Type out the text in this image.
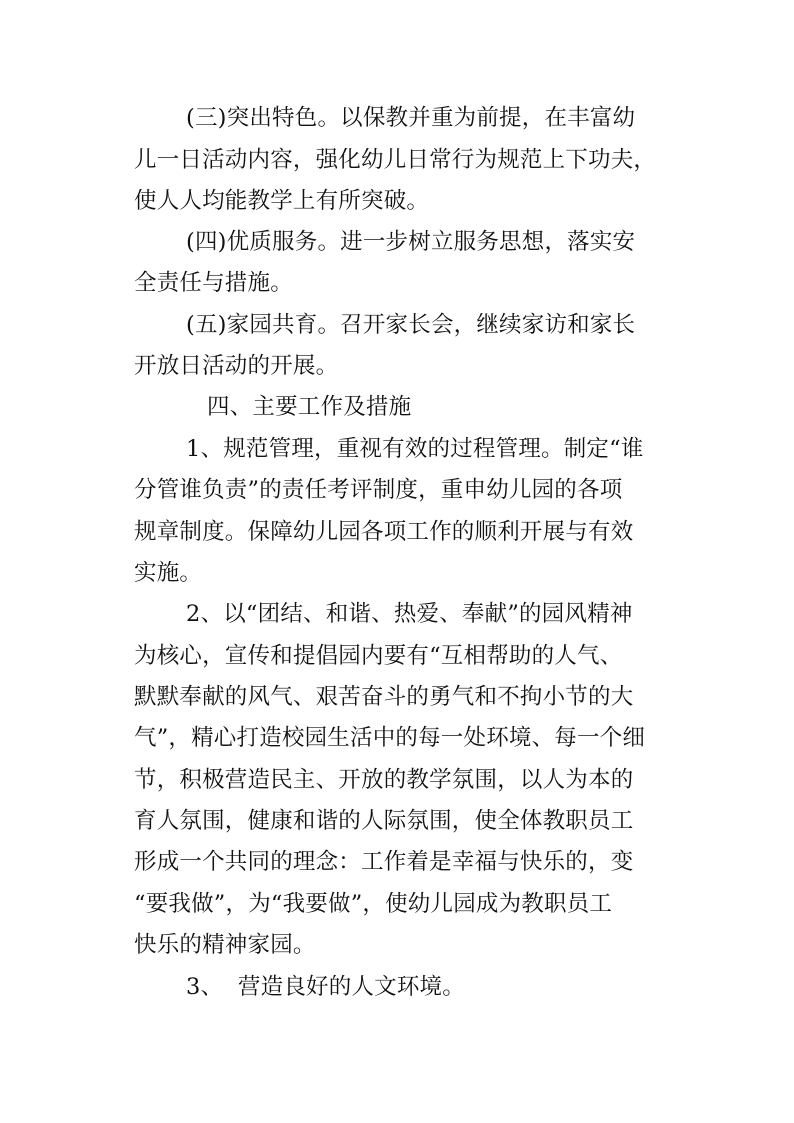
(三)突出特色。以保教并重为前提，在丰富幼
儿一日活动内容，强化幼儿日常行为规范上下功夫，
使人人均能教学上有所突破。
(四)优质服务。进一步树立服务思想，落实安
全责任与措施。
(五)家园共育。召开家长会，继续家访和家长
开放日活动的开展。
四、主要工作及措施
1、规范管理，重视有效的过程管理。制定“谁
分管谁负责”的责任考评制度，重申幼儿园的各项
规章制度。保障幼儿园各项工作的顺利开展与有效
实施。
2、以“团结、和谐、热爱、奉献”的园风精神
为核心，宣传和提倡园内要有“互相帮助的人气、
默默奉献的风气、艰苦奋斗的勇气和不拘小节的大
气”，精心打造校园生活中的每一处环境、每一个细
节，积极营造民主、开放的教学氛围，以人为本的
育人氛围，健康和谐的人际氛围，使全体教职员工
形成一个共同的理念：工作着是幸福与快乐的，变
“要我做”，为“我要做”，使幼儿园成为教职员工
快乐的精神家园。
3、  营造良好的人文环境。
